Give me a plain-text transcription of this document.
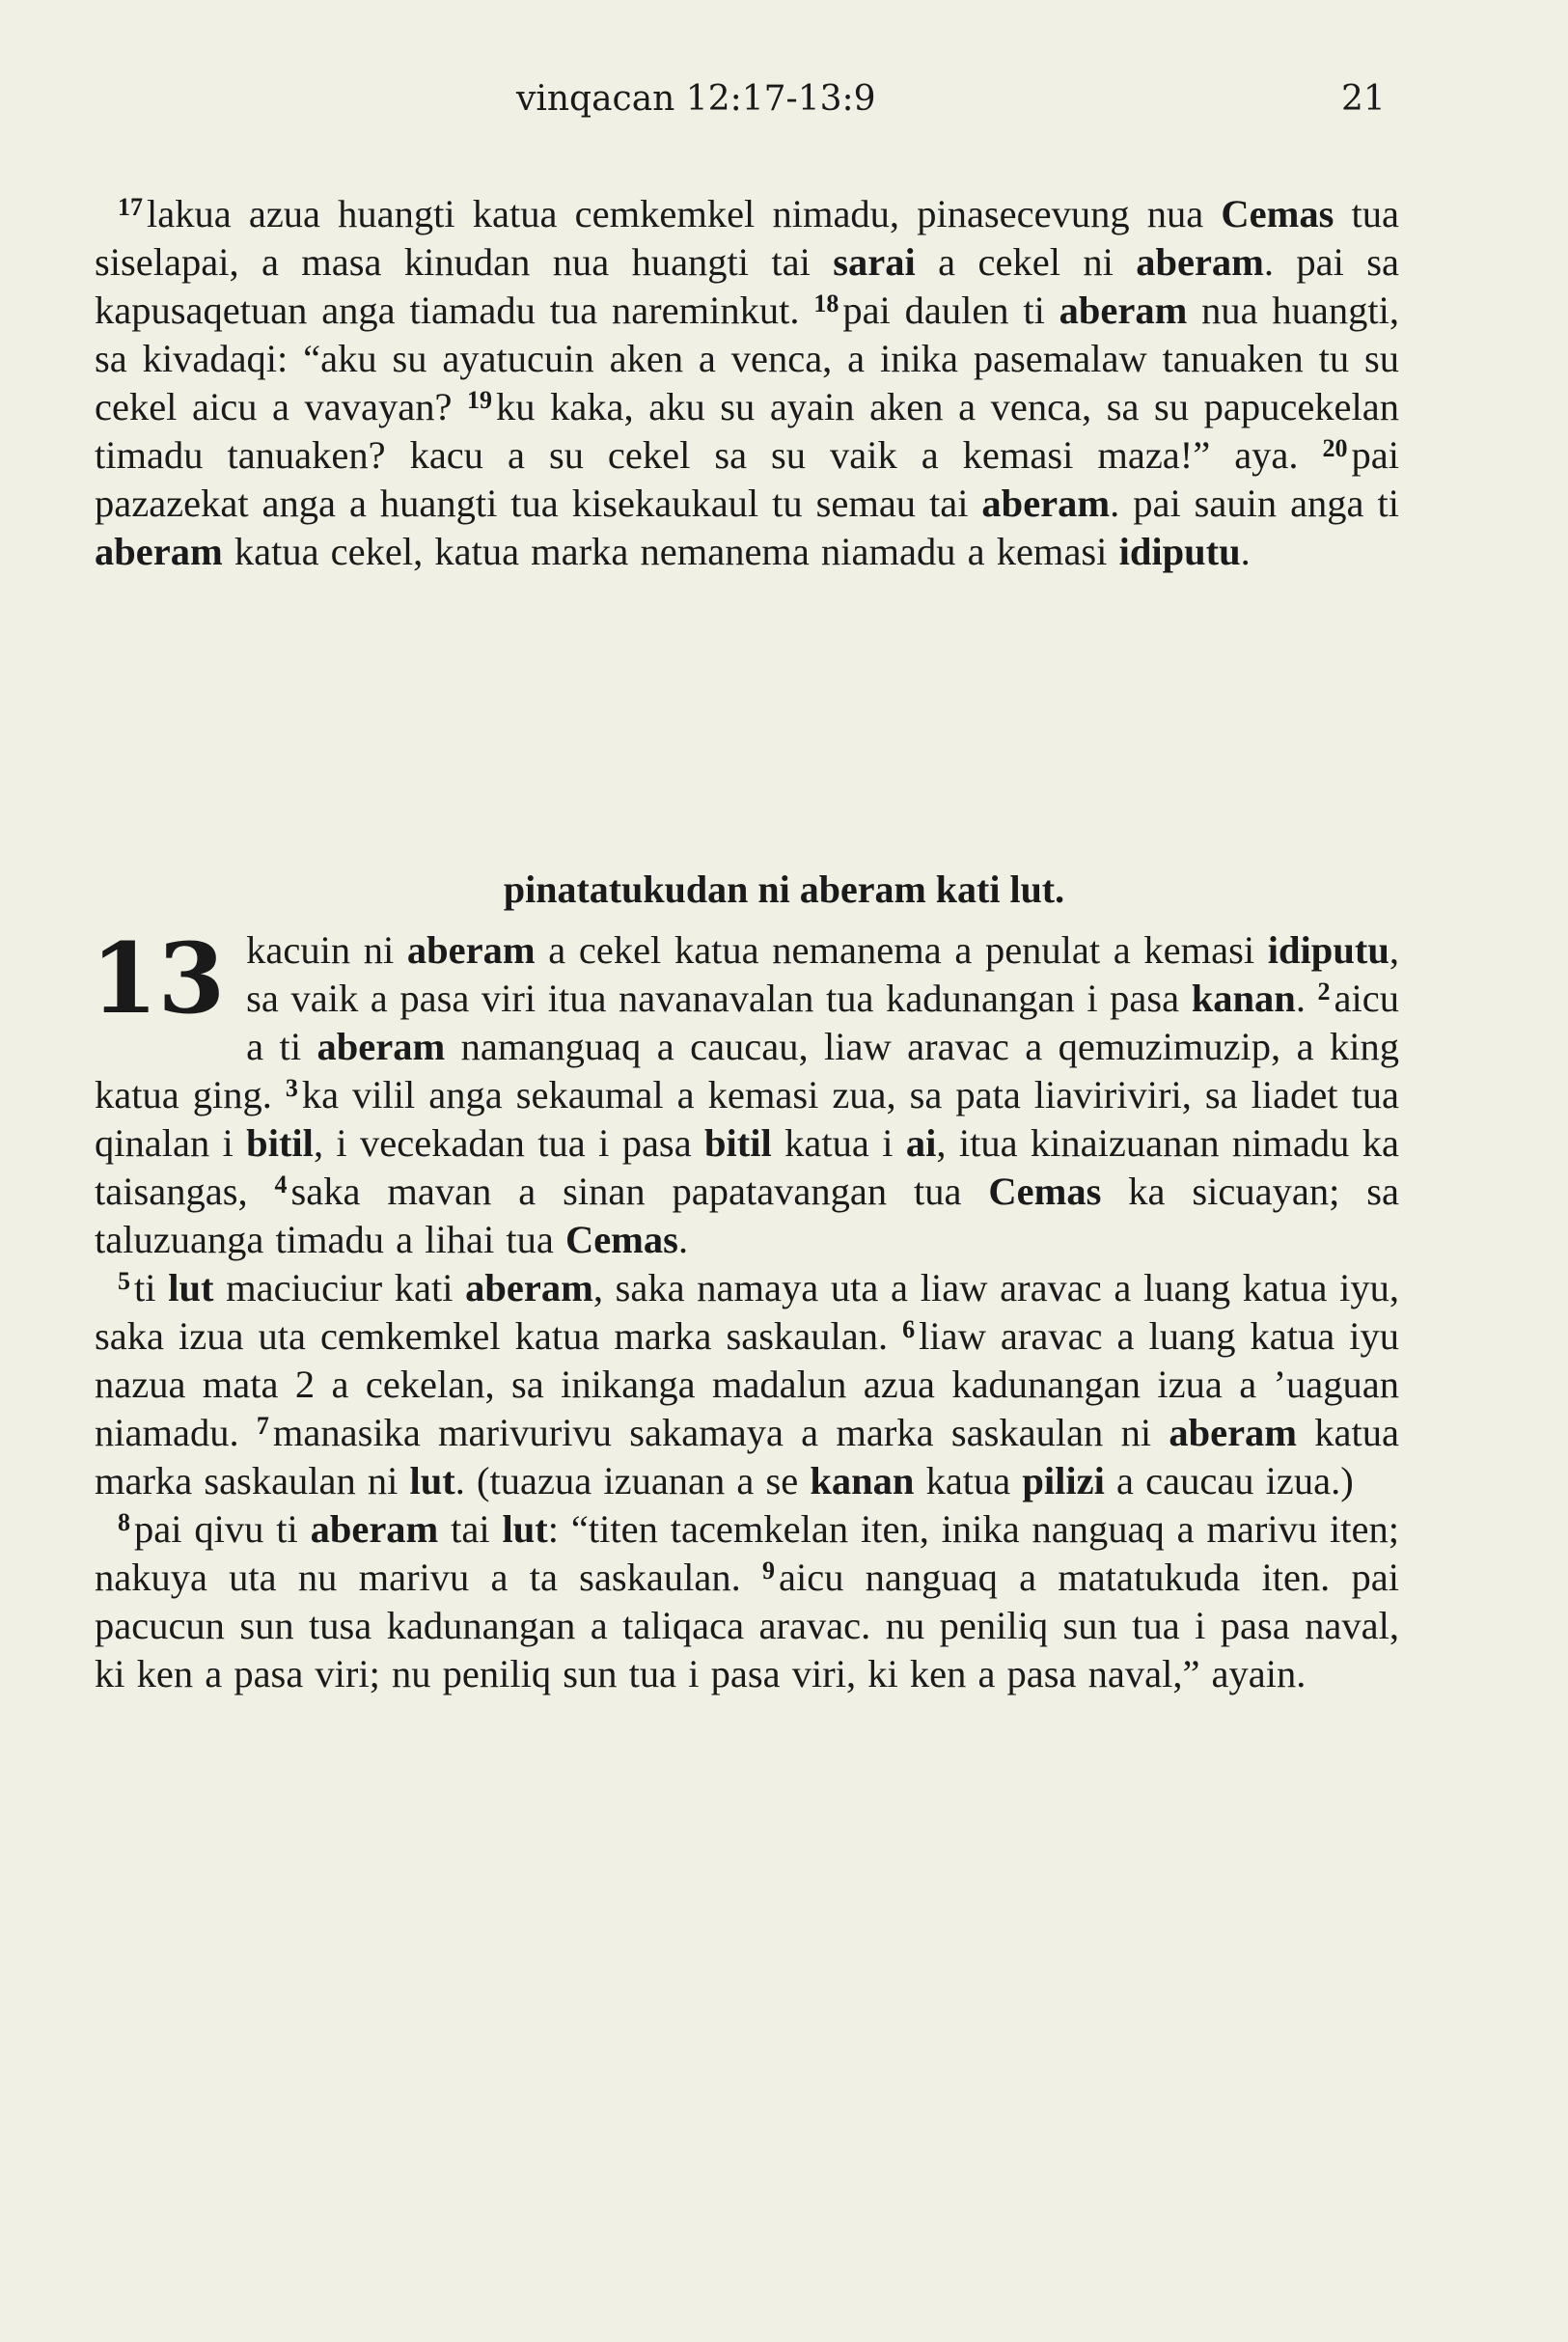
vinqacan 12:17-13:9	21

$^{17}$lakua azua huangti katua cemkemkel nimadu, pinasecevung nua Cemas tua siselapai, a masa kinudan nua huangti tai sarai a cekel ni aberam. pai sa kapusaqetuan anga tiamadu tua nareminkut. $^{18}$pai daulen ti aberam nua huangti, sa kivadaqi: “aku su ayatucuin aken a venca, a inika pasemalaw tanuaken tu su cekel aicu a vavayan? $^{19}$ku kaka, aku su ayain aken a venca, sa su papucekelan timadu tanuaken? kacu a su cekel sa su vaik a kemasi maza!” aya. $^{20}$pai pazazekat anga a huangti tua kisekaukaul tu semau tai aberam. pai sauin anga ti aberam katua cekel, katua marka nemanema niamadu a kemasi idiputu.

pinatatukudan ni aberam kati lut.

13 kacuin ni aberam a cekel katua nemanema a penulat a kemasi idiputu, sa vaik a pasa viri itua navanavalan tua kadunangan i pasa kanan. $^2$aicu a ti aberam namanguaq a caucau, liaw aravac a qemuzimuzip, a king katua ging. $^3$ka vilil anga sekaumal a kemasi zua, sa pata liaviriviri, sa liadet tua qinalan i bitil, i vecekadan tua i pasa bitil katua i ai, itua kinaizuanan nimadu ka taisangas, $^4$saka mavan a sinan papatavangan tua Cemas ka sicuayan; sa taluzuanga timadu a lihai tua Cemas.

$^5$ti lut maciuciur kati aberam, saka namaya uta a liaw aravac a luang katua iyu, saka izua uta cemkemkel katua marka saskaulan. $^6$liaw aravac a luang katua iyu nazua mata 2 a cekelan, sa inikanga madalun azua kadunangan izua a ’uaguan niamadu. $^7$manasika marivurivu sakamaya a marka saskaulan ni aberam katua marka saskaulan ni lut. (tuazua izuanan a se kanan katua pilizi a caucau izua.)

$^8$pai qivu ti aberam tai lut: “titen tacemkelan iten, inika nanguaq a marivu iten; nakuya uta nu marivu a ta saskaulan. $^9$aicu nanguaq a matatukuda iten. pai pacucun sun tusa kadunangan a taliqaca aravac. nu peniliq sun tua i pasa naval, ki ken a pasa viri; nu peniliq sun tua i pasa viri, ki ken a pasa naval,” ayain.
